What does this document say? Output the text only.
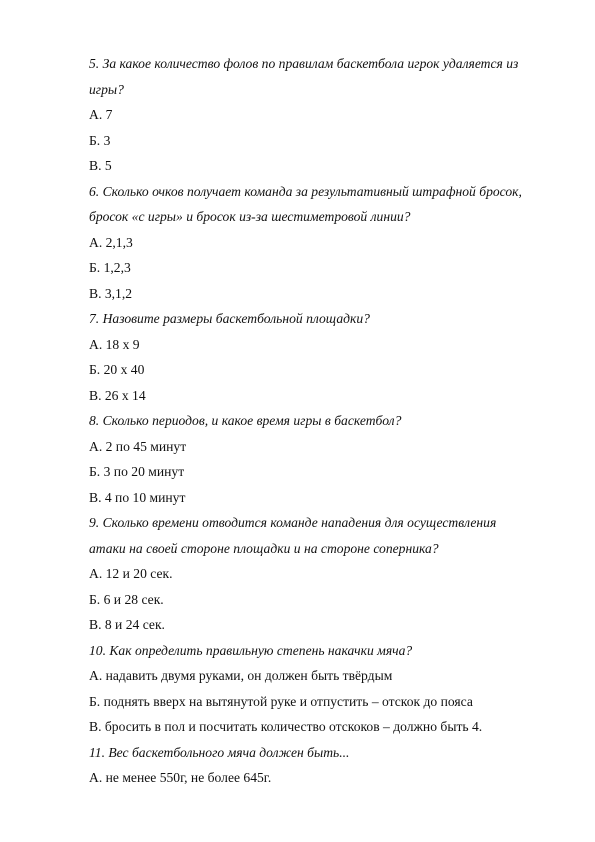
5. За какое количество фолов по правилам баскетбола игрок удаляется из
игры?
А. 7
Б. 3
В. 5
6. Сколько очков получает команда за результативный штрафной бросок,
бросок «с игры» и бросок из-за шестиметровой линии?
А. 2,1,3
Б. 1,2,3
В. 3,1,2
7. Назовите размеры баскетбольной площадки?
А. 18 х 9
Б. 20 х 40
В. 26 х 14
8. Сколько периодов, и какое время игры в баскетбол?
А. 2 по 45 минут
Б. 3 по 20 минут
В. 4 по 10 минут
9. Сколько времени отводится команде нападения для осуществления
атаки на своей стороне площадки и на стороне соперника?
А. 12 и 20 сек.
Б. 6 и 28 сек.
В. 8 и 24 сек.
10. Как определить правильную степень накачки мяча?
А. надавить двумя руками, он должен быть твёрдым
Б. поднять вверх на вытянутой руке и отпустить – отскок до пояса
В. бросить в пол и посчитать количество отскоков – должно быть 4.
11. Вес баскетбольного мяча должен быть...
А. не менее 550г, не более 645г.
